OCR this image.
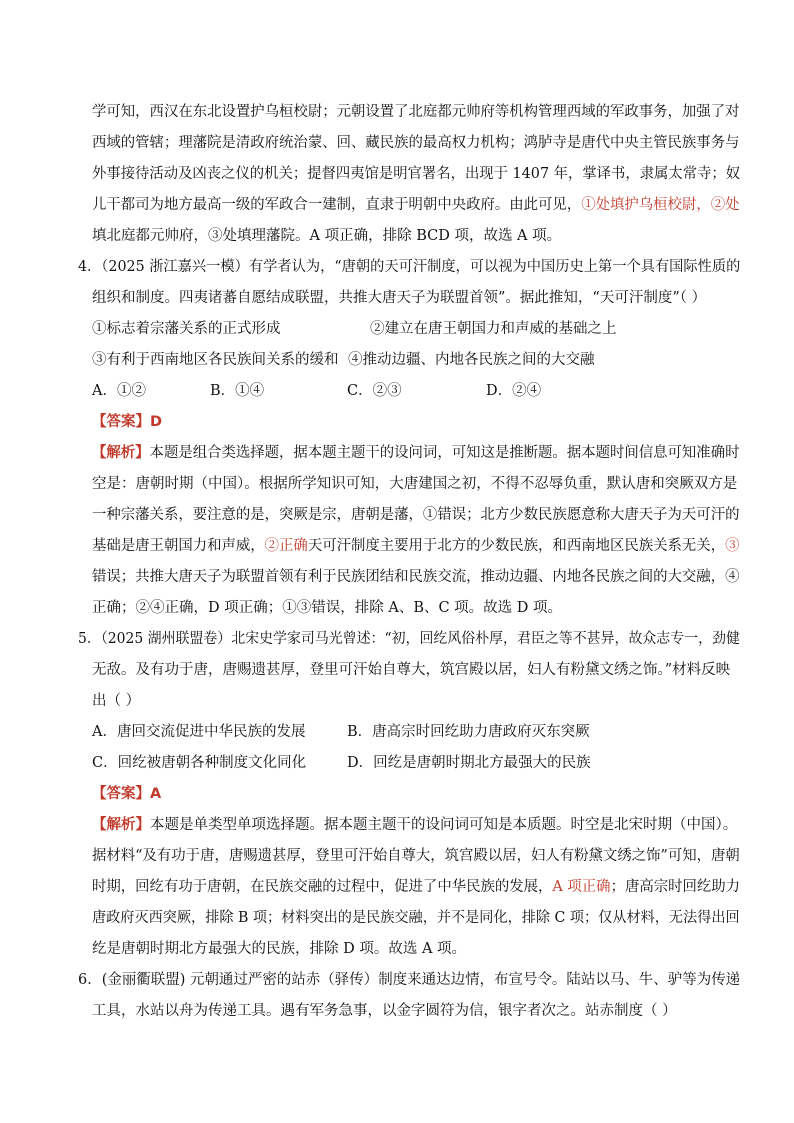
学可知，西汉在东北设置护乌桓校尉；元朝设置了北庭都元帅府等机构管理西域的军政事务，加强了对
西域的管辖；理藩院是清政府统治蒙、回、藏民族的最高权力机构；鸿胪寺是唐代中央主管民族事务与
外事接待活动及凶丧之仪的机关；提督四夷馆是明官署名，出现于 1407 年，掌译书，隶属太常寺；奴
儿干都司为地方最高一级的军政合一建制，直隶于明朝中央政府。由此可见，①处填护乌桓校尉，②处
填北庭都元帅府，③处填理藩院。A 项正确，排除 BCD 项，故选 A 项。
4．（2025 浙江嘉兴一模）有学者认为，“唐朝的天可汗制度，可以视为中国历史上第一个具有国际性质的
组织和制度。四夷诸蕃自愿结成联盟，共推大唐天子为联盟首领”。据此推知，“天可汗制度”（ ）
①标志着宗藩关系的正式形成	②建立在唐王朝国力和声威的基础之上
③有利于西南地区各民族间关系的缓和 ④推动边疆、内地各民族之间的大交融
A．①②	B．①④	C．②③	D．②④
【答案】D
【解析】本题是组合类选择题，据本题主题干的设问词，可知这是推断题。据本题时间信息可知准确时
空是：唐朝时期（中国）。根据所学知识可知，大唐建国之初，不得不忍辱负重，默认唐和突厥双方是
一种宗藩关系，要注意的是，突厥是宗，唐朝是藩，①错误；北方少数民族愿意称大唐天子为天可汗的
基础是唐王朝国力和声威，②正确天可汗制度主要用于北方的少数民族，和西南地区民族关系无关，③
错误；共推大唐天子为联盟首领有利于民族团结和民族交流，推动边疆、内地各民族之间的大交融，④
正确；②④正确，D 项正确；①③错误，排除 A、B、C 项。故选 D 项。
5．（2025 湖州联盟卷）北宋史学家司马光曾述：“初，回纥风俗朴厚，君臣之等不甚异，故众志专一，劲健
无敌。及有功于唐，唐赐遗甚厚，登里可汗始自尊大，筑宫殿以居，妇人有粉黛文绣之饰。”材料反映
出（ ）
A．唐回交流促进中华民族的发展	B．唐高宗时回纥助力唐政府灭东突厥
C．回纥被唐朝各种制度文化同化	D．回纥是唐朝时期北方最强大的民族
【答案】A
【解析】本题是单类型单项选择题。据本题主题干的设问词可知是本质题。时空是北宋时期（中国）。
据材料“及有功于唐，唐赐遗甚厚，登里可汗始自尊大，筑宫殿以居，妇人有粉黛文绣之饰”可知，唐朝
时期，回纥有功于唐朝，在民族交融的过程中，促进了中华民族的发展，A 项正确；唐高宗时回纥助力
唐政府灭西突厥，排除 B 项；材料突出的是民族交融，并不是同化，排除 C 项；仅从材料，无法得出回
纥是唐朝时期北方最强大的民族，排除 D 项。故选 A 项。
6．(金丽衢联盟) 元朝通过严密的站赤（驿传）制度来通达边情，布宣号令。陆站以马、牛、驴等为传递
工具，水站以舟为传递工具。遇有军务急事，以金字圆符为信，银字者次之。站赤制度（ ）
